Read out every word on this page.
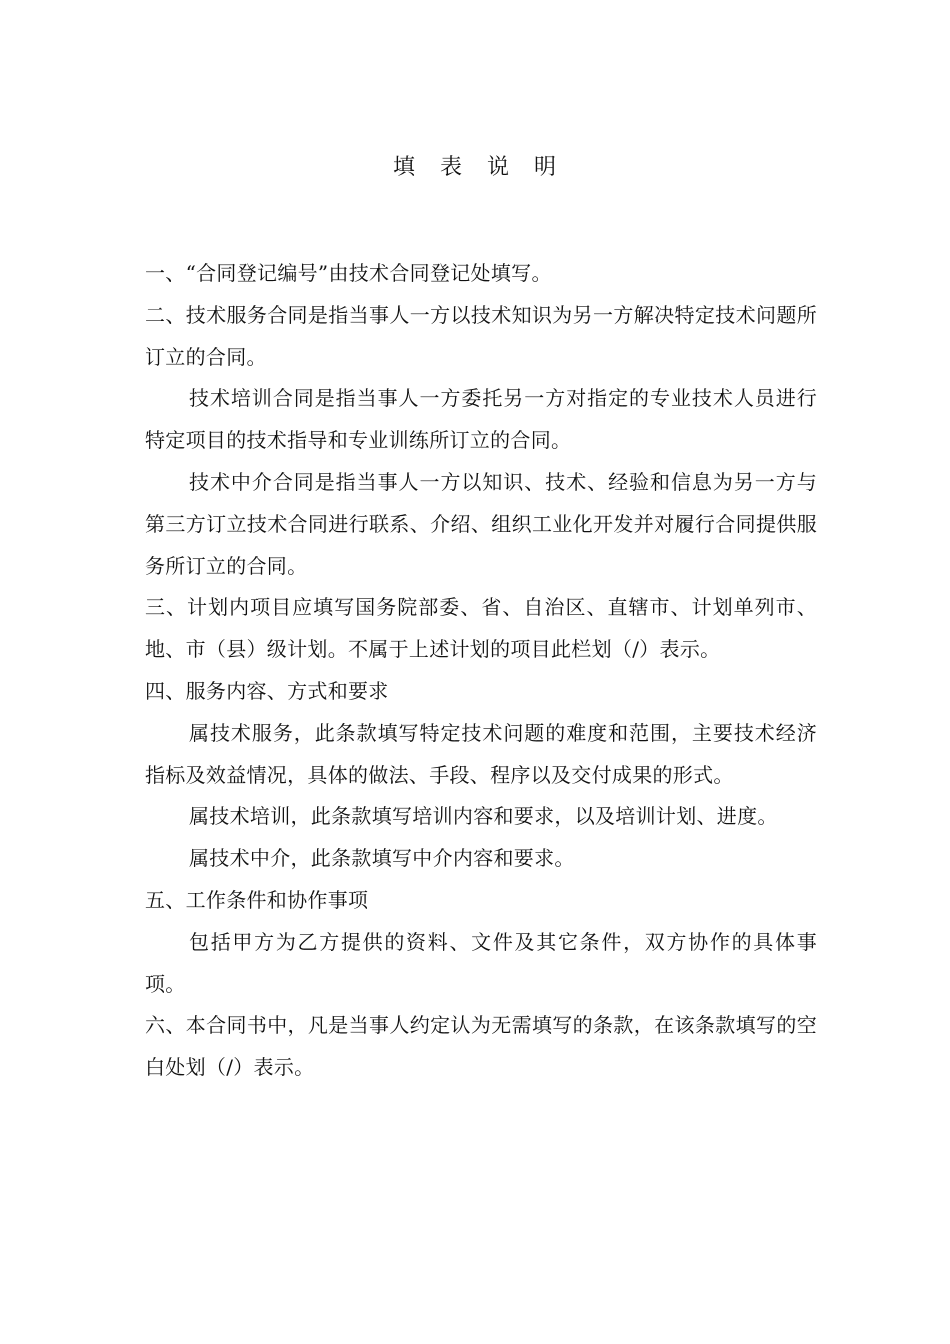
填 表 说 明

一、“合同登记编号”由技术合同登记处填写。

二、技术服务合同是指当事人一方以技术知识为另一方解决特定技术问题所订立的合同。

技术培训合同是指当事人一方委托另一方对指定的专业技术人员进行特定项目的技术指导和专业训练所订立的合同。

技术中介合同是指当事人一方以知识、技术、经验和信息为另一方与第三方订立技术合同进行联系、介绍、组织工业化开发并对履行合同提供服务所订立的合同。

三、计划内项目应填写国务院部委、省、自治区、直辖市、计划单列市、地、市（县）级计划。不属于上述计划的项目此栏划（/）表示。

四、服务内容、方式和要求

属技术服务，此条款填写特定技术问题的难度和范围，主要技术经济指标及效益情况，具体的做法、手段、程序以及交付成果的形式。

属技术培训，此条款填写培训内容和要求，以及培训计划、进度。

属技术中介，此条款填写中介内容和要求。

五、工作条件和协作事项

包括甲方为乙方提供的资料、文件及其它条件，双方协作的具体事项。

六、本合同书中，凡是当事人约定认为无需填写的条款，在该条款填写的空白处划（/）表示。
